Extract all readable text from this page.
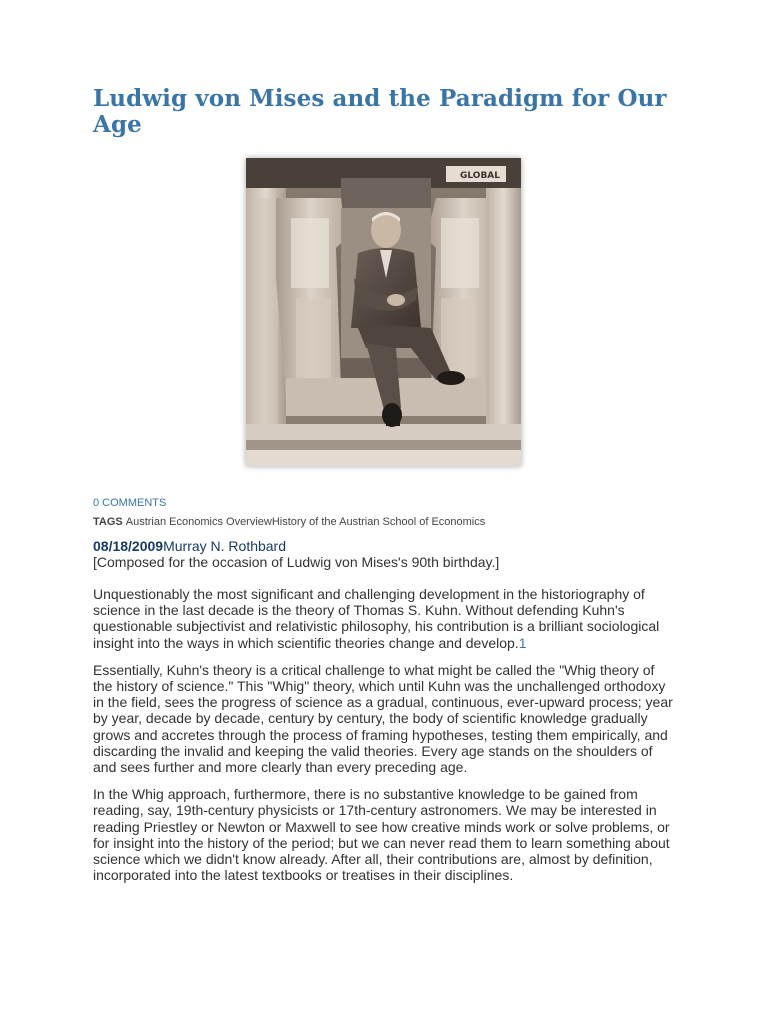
Ludwig von Mises and the Paradigm for Our Age
GLOBAL
0 COMMENTS
TAGS Austrian Economics OverviewHistory of the Austrian School of Economics
08/18/2009Murray N. Rothbard
[Composed for the occasion of Ludwig von Mises's 90th birthday.]

Unquestionably the most significant and challenging development in the historiography of science in the last decade is the theory of Thomas S. Kuhn. Without defending Kuhn's questionable subjectivist and relativistic philosophy, his contribution is a brilliant sociological insight into the ways in which scientific theories change and develop.1

Essentially, Kuhn's theory is a critical challenge to what might be called the "Whig theory of the history of science." This "Whig" theory, which until Kuhn was the unchallenged orthodoxy in the field, sees the progress of science as a gradual, continuous, ever-upward process; year by year, decade by decade, century by century, the body of scientific knowledge gradually grows and accretes through the process of framing hypotheses, testing them empirically, and discarding the invalid and keeping the valid theories. Every age stands on the shoulders of and sees further and more clearly than every preceding age.

In the Whig approach, furthermore, there is no substantive knowledge to be gained from reading, say, 19th-century physicists or 17th-century astronomers. We may be interested in reading Priestley or Newton or Maxwell to see how creative minds work or solve problems, or for insight into the history of the period; but we can never read them to learn something about science which we didn't know already. After all, their contributions are, almost by definition, incorporated into the latest textbooks or treatises in their disciplines.
